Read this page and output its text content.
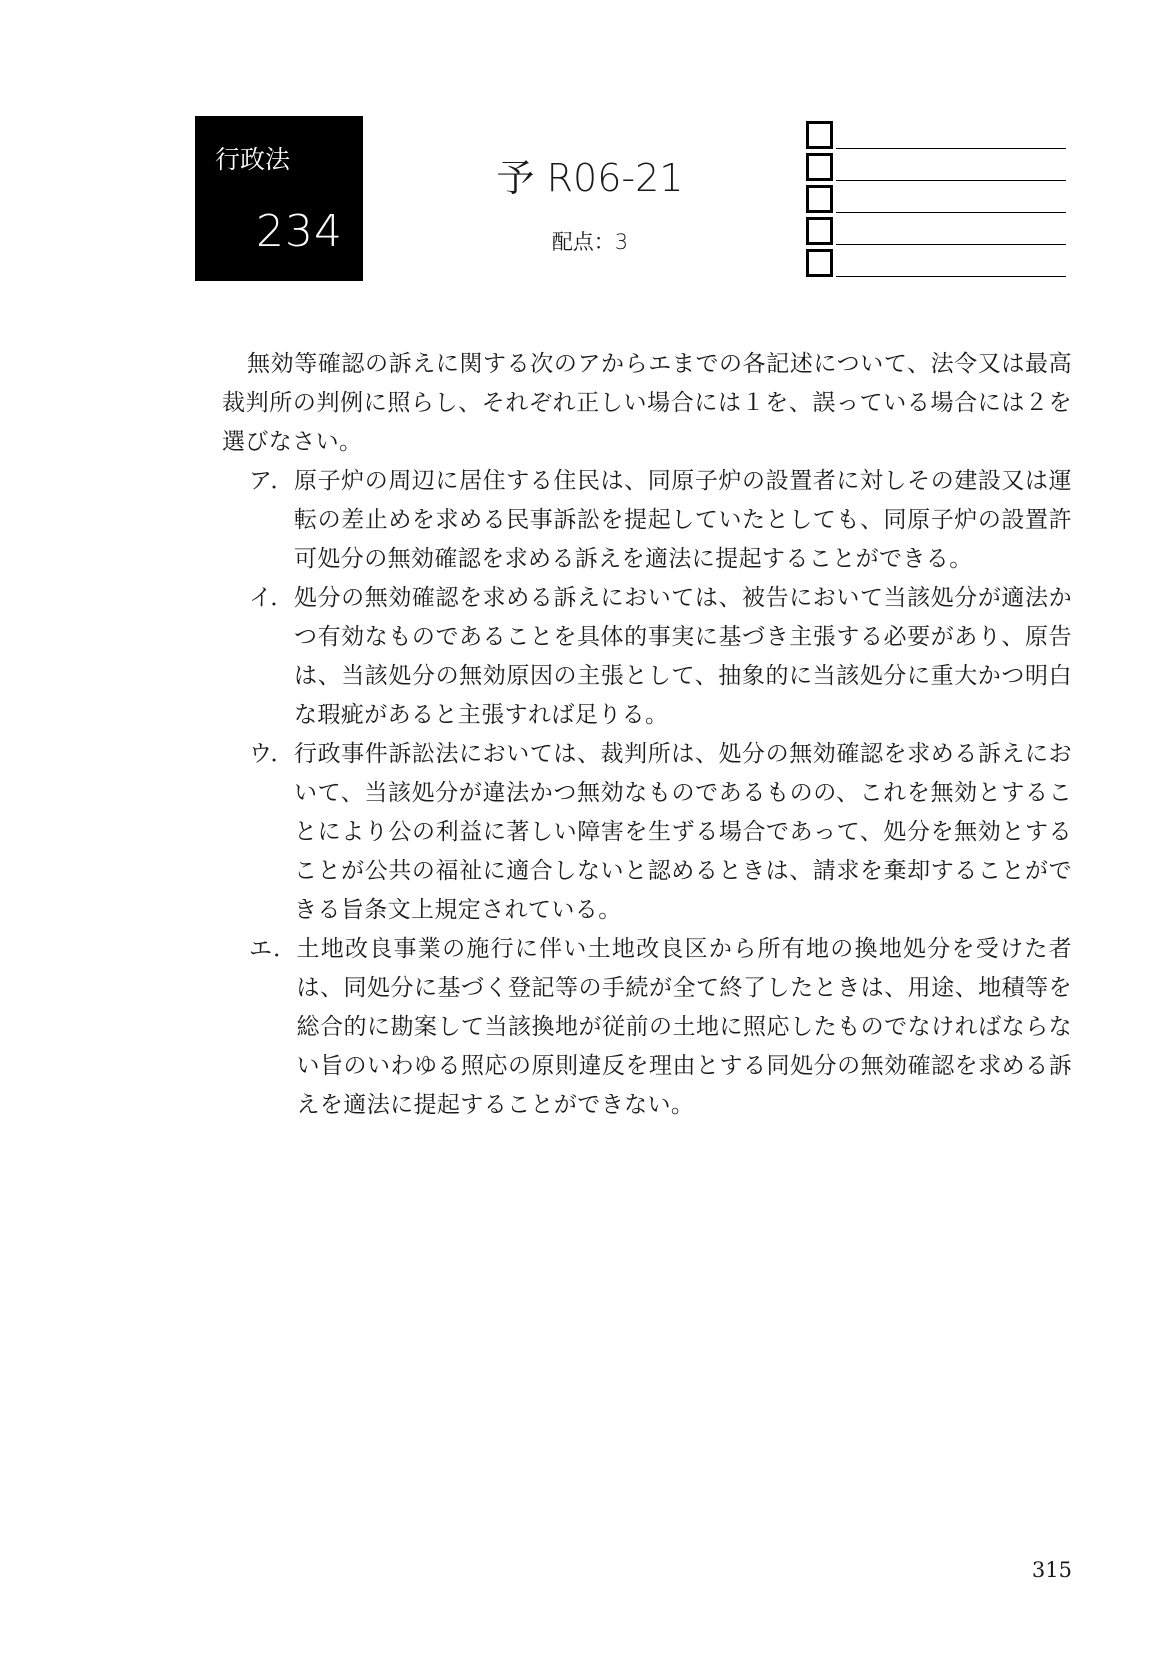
行政法
234
予 R06-21
配点：3

無効等確認の訴えに関する次のアからエまでの各記述について、法令又は最高裁判所の判例に照らし、それぞれ正しい場合には１を、誤っている場合には２を選びなさい。

ア． 原子炉の周辺に居住する住民は、同原子炉の設置者に対しその建設又は運転の差止めを求める民事訴訟を提起していたとしても、同原子炉の設置許可処分の無効確認を求める訴えを適法に提起することができる。
イ． 処分の無効確認を求める訴えにおいては、被告において当該処分が適法かつ有効なものであることを具体的事実に基づき主張する必要があり、原告は、当該処分の無効原因の主張として、抽象的に当該処分に重大かつ明白な瑕疵があると主張すれば足りる。
ウ． 行政事件訴訟法においては、裁判所は、処分の無効確認を求める訴えにおいて、当該処分が違法かつ無効なものであるものの、これを無効とすることにより公の利益に著しい障害を生ずる場合であって、処分を無効とすることが公共の福祉に適合しないと認めるときは、請求を棄却することができる旨条文上規定されている。
エ． 土地改良事業の施行に伴い土地改良区から所有地の換地処分を受けた者は、同処分に基づく登記等の手続が全て終了したときは、用途、地積等を総合的に勘案して当該換地が従前の土地に照応したものでなければならない旨のいわゆる照応の原則違反を理由とする同処分の無効確認を求める訴えを適法に提起することができない。
315
